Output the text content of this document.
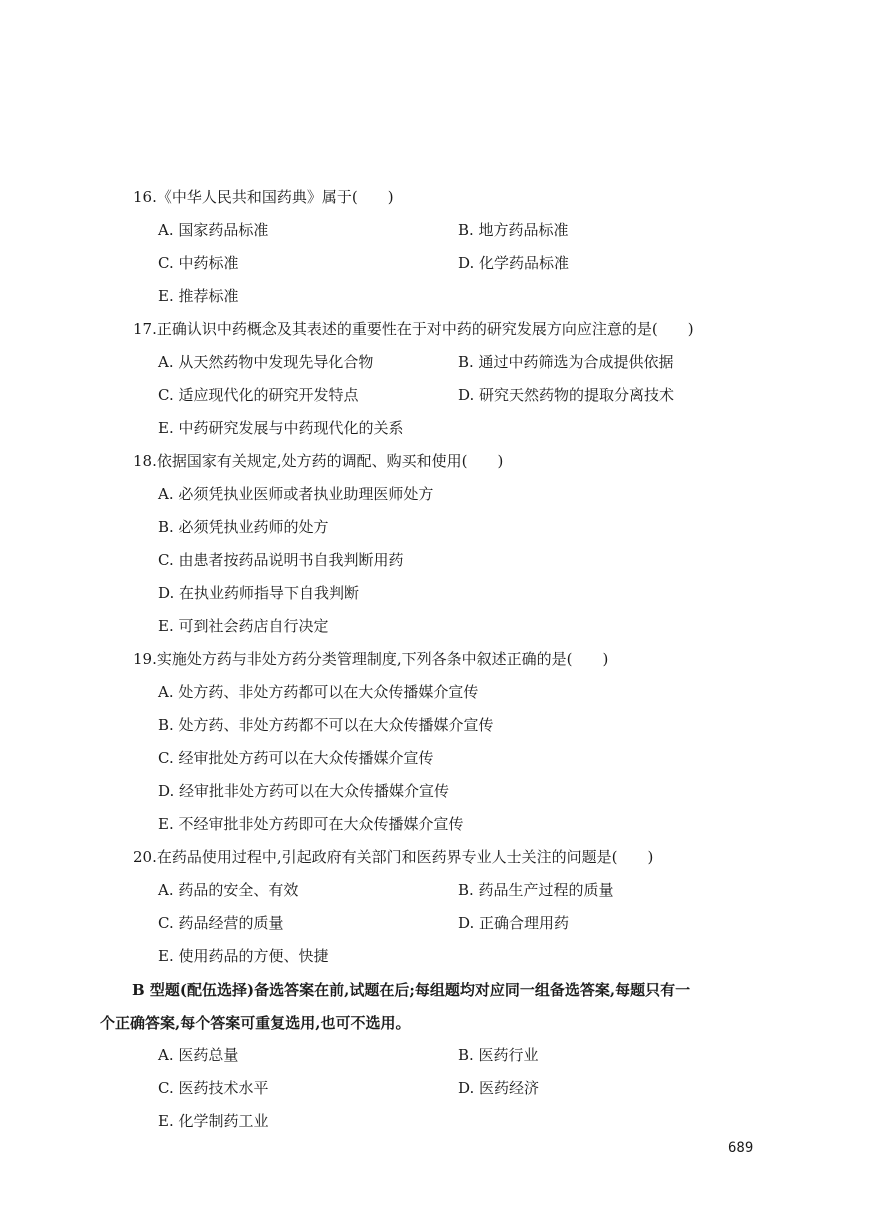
16.《中华人民共和国药典》属于(　　)
A. 国家药品标准	B. 地方药品标准
C. 中药标准	D. 化学药品标准
E. 推荐标准
17.正确认识中药概念及其表述的重要性在于对中药的研究发展方向应注意的是(　　)
A. 从天然药物中发现先导化合物	B. 通过中药筛选为合成提供依据
C. 适应现代化的研究开发特点	D. 研究天然药物的提取分离技术
E. 中药研究发展与中药现代化的关系
18.依据国家有关规定,处方药的调配、购买和使用(　　)
A. 必须凭执业医师或者执业助理医师处方
B. 必须凭执业药师的处方
C. 由患者按药品说明书自我判断用药
D. 在执业药师指导下自我判断
E. 可到社会药店自行决定
19.实施处方药与非处方药分类管理制度,下列各条中叙述正确的是(　　)
A. 处方药、非处方药都可以在大众传播媒介宣传
B. 处方药、非处方药都不可以在大众传播媒介宣传
C. 经审批处方药可以在大众传播媒介宣传
D. 经审批非处方药可以在大众传播媒介宣传
E. 不经审批非处方药即可在大众传播媒介宣传
20.在药品使用过程中,引起政府有关部门和医药界专业人士关注的问题是(　　)
A. 药品的安全、有效	B. 药品生产过程的质量
C. 药品经营的质量	D. 正确合理用药
E. 使用药品的方便、快捷
B 型题(配伍选择)备选答案在前,试题在后;每组题均对应同一组备选答案,每题只有一
个正确答案,每个答案可重复选用,也可不选用。
A. 医药总量	B. 医药行业
C. 医药技术水平	D. 医药经济
E. 化学制药工业
689
